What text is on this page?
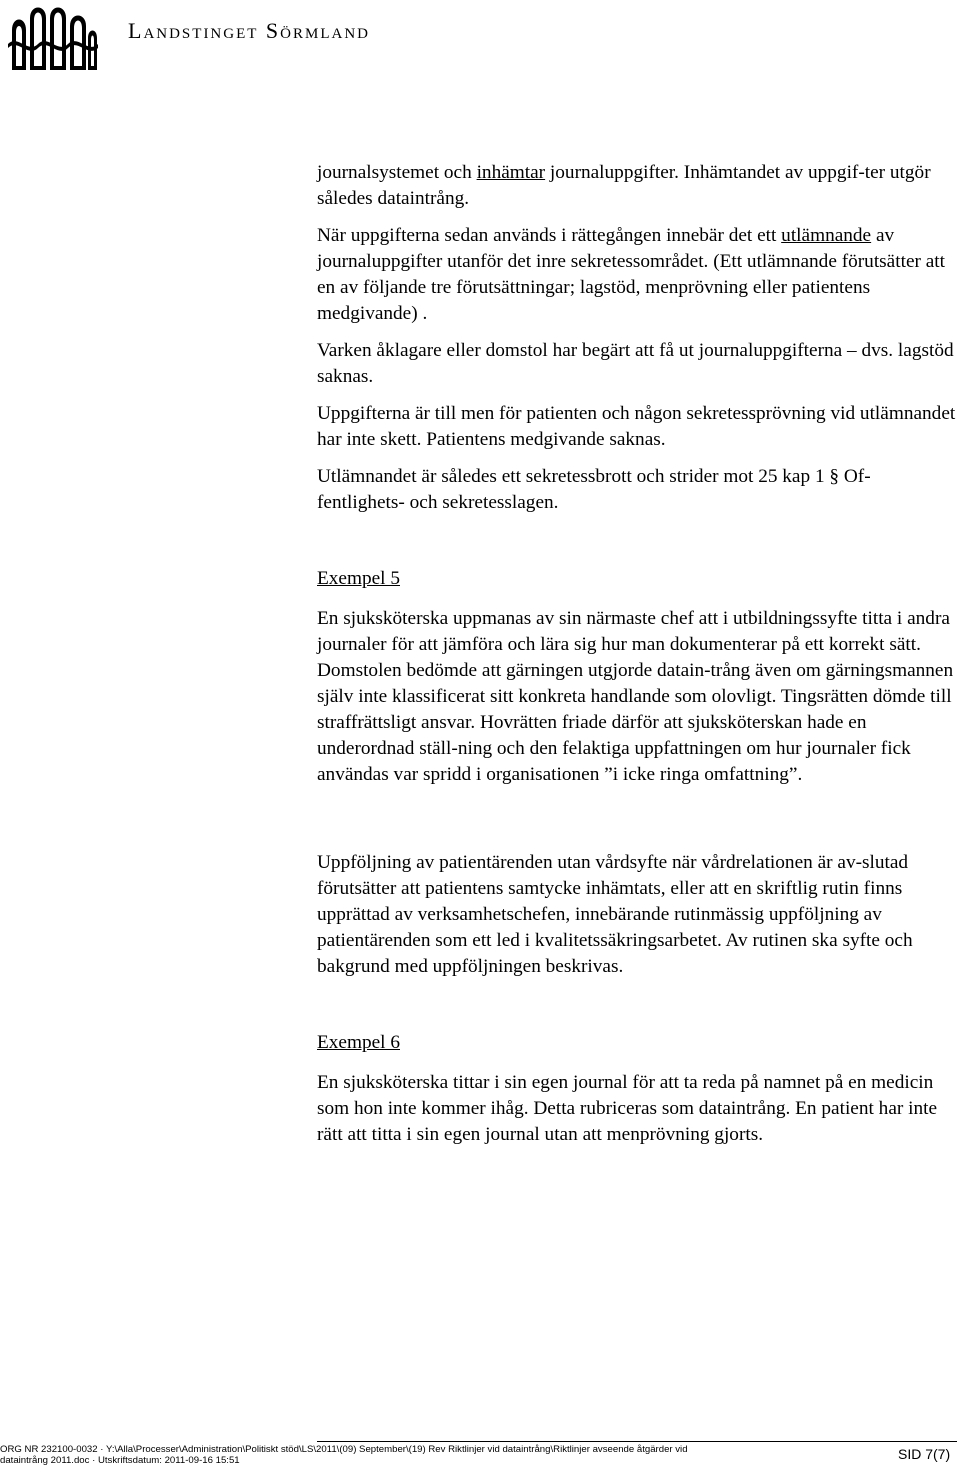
Landstinget Sörmland

journalsystemet och inhämtar journaluppgifter. Inhämtandet av uppgif-ter utgör således dataintrång.

När uppgifterna sedan används i rättegången innebär det ett utlämnande av journaluppgifter utanför det inre sekretessområdet. (Ett utlämnande förutsätter att en av följande tre förutsättningar; lagstöd, menprövning eller patientens medgivande) .

Varken åklagare eller domstol har begärt att få ut journaluppgifterna – dvs. lagstöd saknas.

Uppgifterna är till men för patienten och någon sekretessprövning vid utlämnandet har inte skett. Patientens medgivande saknas.

Utlämnandet är således ett sekretessbrott och strider mot 25 kap 1 § Of-fentlighets- och sekretesslagen.

Exempel 5

En sjuksköterska uppmanas av sin närmaste chef att i utbildningssyfte titta i andra journaler för att jämföra och lära sig hur man dokumenterar på ett korrekt sätt. Domstolen bedömde att gärningen utgjorde datain-trång även om gärningsmannen själv inte klassificerat sitt konkreta handlande som olovligt. Tingsrätten dömde till straffrättsligt ansvar. Hovrätten friade därför att sjuksköterskan hade en underordnad ställ-ning och den felaktiga uppfattningen om hur journaler fick användas var spridd i organisationen ”i icke ringa omfattning”.

Uppföljning av patientärenden utan vårdsyfte när vårdrelationen är av-slutad förutsätter att patientens samtycke inhämtats, eller att en skriftlig rutin finns upprättad av verksamhetschefen, innebärande rutinmässig uppföljning av patientärenden som ett led i kvalitetssäkringsarbetet. Av rutinen ska syfte och bakgrund med uppföljningen beskrivas.

Exempel 6

En sjuksköterska tittar i sin egen journal för att ta reda på namnet på en medicin som hon inte kommer ihåg. Detta rubriceras som dataintrång. En patient har inte rätt att titta i sin egen journal utan att menprövning gjorts.

ORG NR 232100-0032 · Y:\Alla\Processer\Administration\Politiskt stöd\LS\2011\(09) September\(19) Rev Riktlinjer vid dataintrång\Riktlinjer avseende åtgärder vid
dataintrång 2011.doc · Utskriftsdatum: 2011-09-16 15:51	SID 7(7)
